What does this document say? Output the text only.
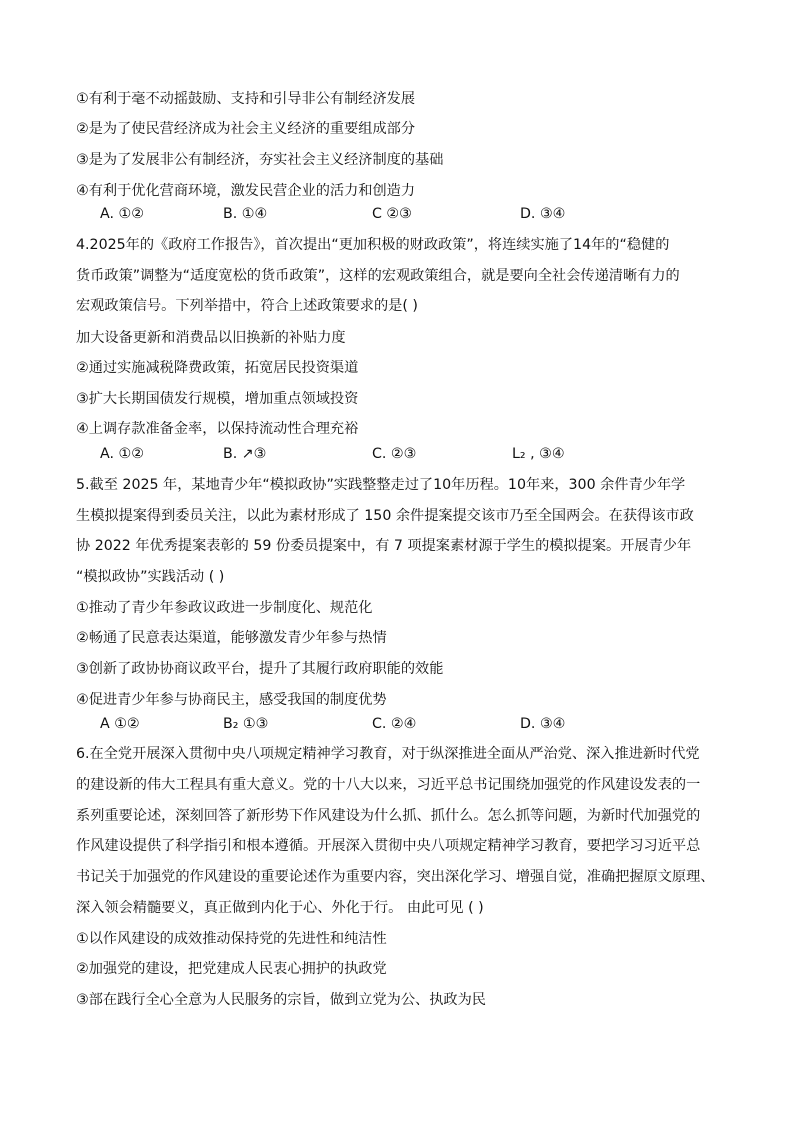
①有利于毫不动摇鼓励、支持和引导非公有制经济发展
②是为了使民营经济成为社会主义经济的重要组成部分
③是为了发展非公有制经济，夯实社会主义经济制度的基础
④有利于优化营商环境，激发民营企业的活力和创造力
A. ①②	B. ①④	C ②③	D. ③④
4.2025年的《政府工作报告》，首次提出“更加积极的财政政策”，将连续实施了14年的“稳健的
货币政策”调整为“适度宽松的货币政策”，这样的宏观政策组合，就是要向全社会传递清晰有力的
宏观政策信号。下列举措中，符合上述政策要求的是( )
加大设备更新和消费品以旧换新的补贴力度
②通过实施减税降费政策，拓宽居民投资渠道
③扩大长期国债发行规模，增加重点领域投资
④上调存款准备金率，以保持流动性合理充裕
A. ①②	B. ↗③	C. ②③	L₂ , ③④
5.截至 2025 年，某地青少年“模拟政协”实践整整走过了10年历程。10年来，300 余件青少年学
生模拟提案得到委员关注，以此为素材形成了 150 余件提案提交该市乃至全国两会。在获得该市政
协 2022 年优秀提案表彰的 59 份委员提案中，有 7 项提案素材源于学生的模拟提案。开展青少年
“模拟政协”实践活动 ( )
①推动了青少年参政议政进一步制度化、规范化
②畅通了民意表达渠道，能够激发青少年参与热情
③创新了政协协商议政平台，提升了其履行政府职能的效能
④促进青少年参与协商民主，感受我国的制度优势
A ①②	B₂ ①③	C. ②④	D. ③④
6.在全党开展深入贯彻中央八项规定精神学习教育，对于纵深推进全面从严治党、深入推进新时代党
的建设新的伟大工程具有重大意义。党的十八大以来，习近平总书记围绕加强党的作风建设发表的一
系列重要论述，深刻回答了新形势下作风建设为什么抓、抓什么。怎么抓等问题，为新时代加强党的
作风建设提供了科学指引和根本遵循。开展深入贯彻中央八项规定精神学习教育，要把学习习近平总
书记关于加强党的作风建设的重要论述作为重要内容，突出深化学习、增强自觉，准确把握原文原理、
深入领会精髓要义，真正做到内化于心、外化于行。 由此可见 ( )
①以作风建设的成效推动保持党的先进性和纯洁性
②加强党的建设，把党建成人民衷心拥护的执政党
③部在践行全心全意为人民服务的宗旨，做到立党为公、执政为民
